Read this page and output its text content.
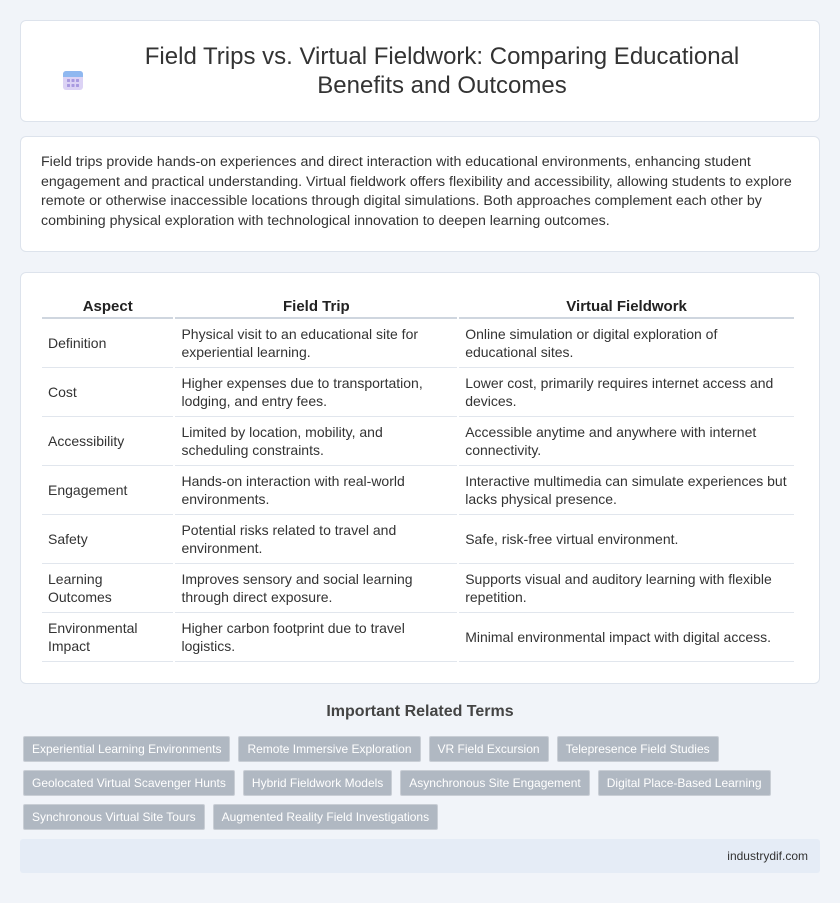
Field Trips vs. Virtual Fieldwork: Comparing Educational Benefits and Outcomes

Field trips provide hands-on experiences and direct interaction with educational environments, enhancing student engagement and practical understanding. Virtual fieldwork offers flexibility and accessibility, allowing students to explore remote or otherwise inaccessible locations through digital simulations. Both approaches complement each other by combining physical exploration with technological innovation to deepen learning outcomes.

Aspect	Field Trip	Virtual Fieldwork
Definition	Physical visit to an educational site for experiential learning.	Online simulation or digital exploration of educational sites.
Cost	Higher expenses due to transportation, lodging, and entry fees.	Lower cost, primarily requires internet access and devices.
Accessibility	Limited by location, mobility, and scheduling constraints.	Accessible anytime and anywhere with internet connectivity.
Engagement	Hands-on interaction with real-world environments.	Interactive multimedia can simulate experiences but lacks physical presence.
Safety	Potential risks related to travel and environment.	Safe, risk-free virtual environment.
Learning Outcomes	Improves sensory and social learning through direct exposure.	Supports visual and auditory learning with flexible repetition.
Environmental Impact	Higher carbon footprint due to travel logistics.	Minimal environmental impact with digital access.
Important Related Terms
Experiential Learning Environments	Remote Immersive Exploration	VR Field Excursion	Telepresence Field Studies
Geolocated Virtual Scavenger Hunts	Hybrid Fieldwork Models	Asynchronous Site Engagement	Digital Place-Based Learning
Synchronous Virtual Site Tours	Augmented Reality Field Investigations
industrydif.com
